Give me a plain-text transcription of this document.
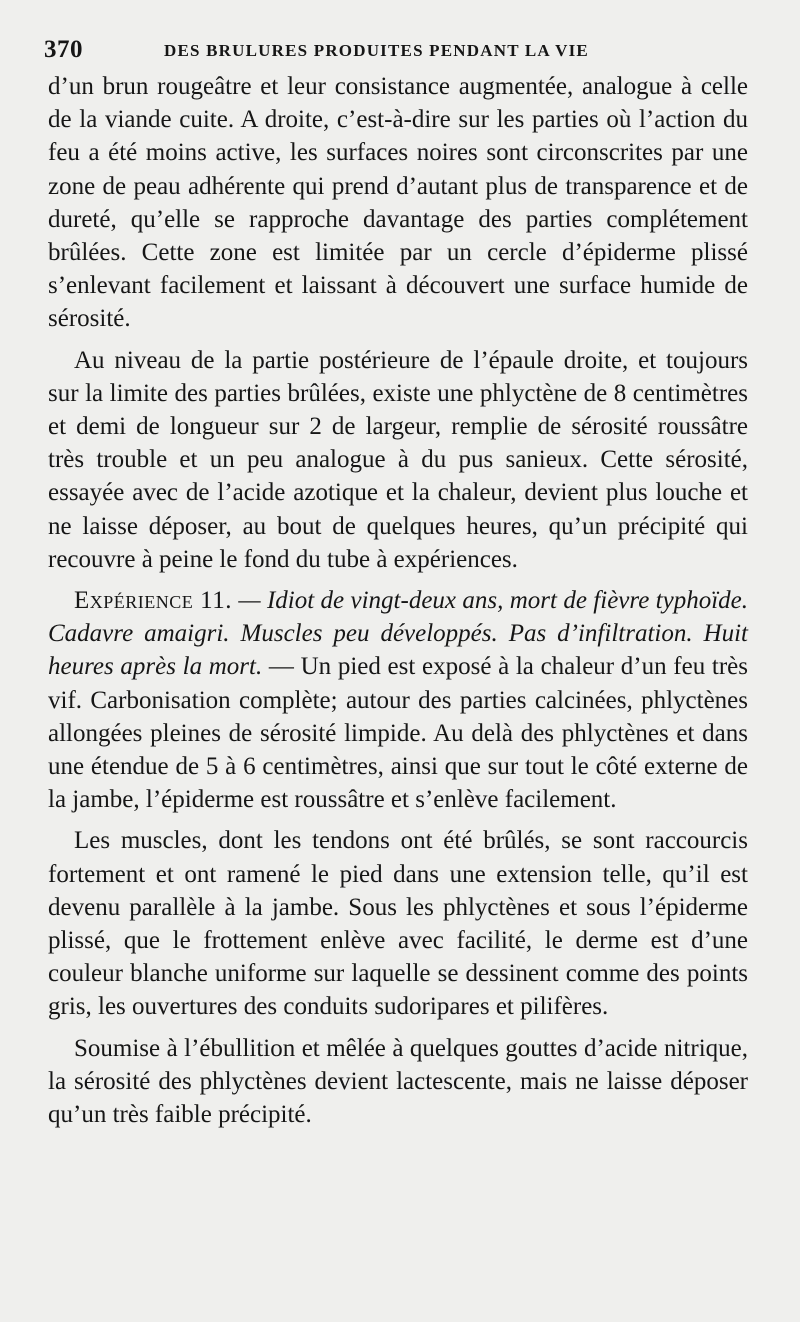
370	DES BRULURES PRODUITES PENDANT LA VIE

d’un brun rougeâtre et leur consistance augmentée, analogue à celle de la viande cuite. A droite, c’est-à-dire sur les parties où l’action du feu a été moins active, les surfaces noires sont circonscrites par une zone de peau adhérente qui prend d’autant plus de transparence et de dureté, qu’elle se rapproche davantage des parties complétement brûlées. Cette zone est limitée par un cercle d’épiderme plissé s’enlevant facilement et laissant à découvert une surface humide de sérosité.

Au niveau de la partie postérieure de l’épaule droite, et toujours sur la limite des parties brûlées, existe une phlyctène de 8 centimètres et demi de longueur sur 2 de largeur, remplie de sérosité roussâtre très trouble et un peu analogue à du pus sanieux. Cette sérosité, essayée avec de l’acide azotique et la chaleur, devient plus louche et ne laisse déposer, au bout de quelques heures, qu’un précipité qui recouvre à peine le fond du tube à expériences.

Expérience 11. — Idiot de vingt-deux ans, mort de fièvre typhoïde. Cadavre amaigri. Muscles peu développés. Pas d’infiltration. Huit heures après la mort. — Un pied est exposé à la chaleur d’un feu très vif. Carbonisation complète; autour des parties calcinées, phlyctènes allongées pleines de sérosité limpide. Au delà des phlyctènes et dans une étendue de 5 à 6 centimètres, ainsi que sur tout le côté externe de la jambe, l’épiderme est roussâtre et s’enlève facilement.

Les muscles, dont les tendons ont été brûlés, se sont raccourcis fortement et ont ramené le pied dans une extension telle, qu’il est devenu parallèle à la jambe. Sous les phlyctènes et sous l’épiderme plissé, que le frottement enlève avec facilité, le derme est d’une couleur blanche uniforme sur laquelle se dessinent comme des points gris, les ouvertures des conduits sudoripares et pilifères.

Soumise à l’ébullition et mêlée à quelques gouttes d’acide nitrique, la sérosité des phlyctènes devient lactescente, mais ne laisse déposer qu’un très faible précipité.
